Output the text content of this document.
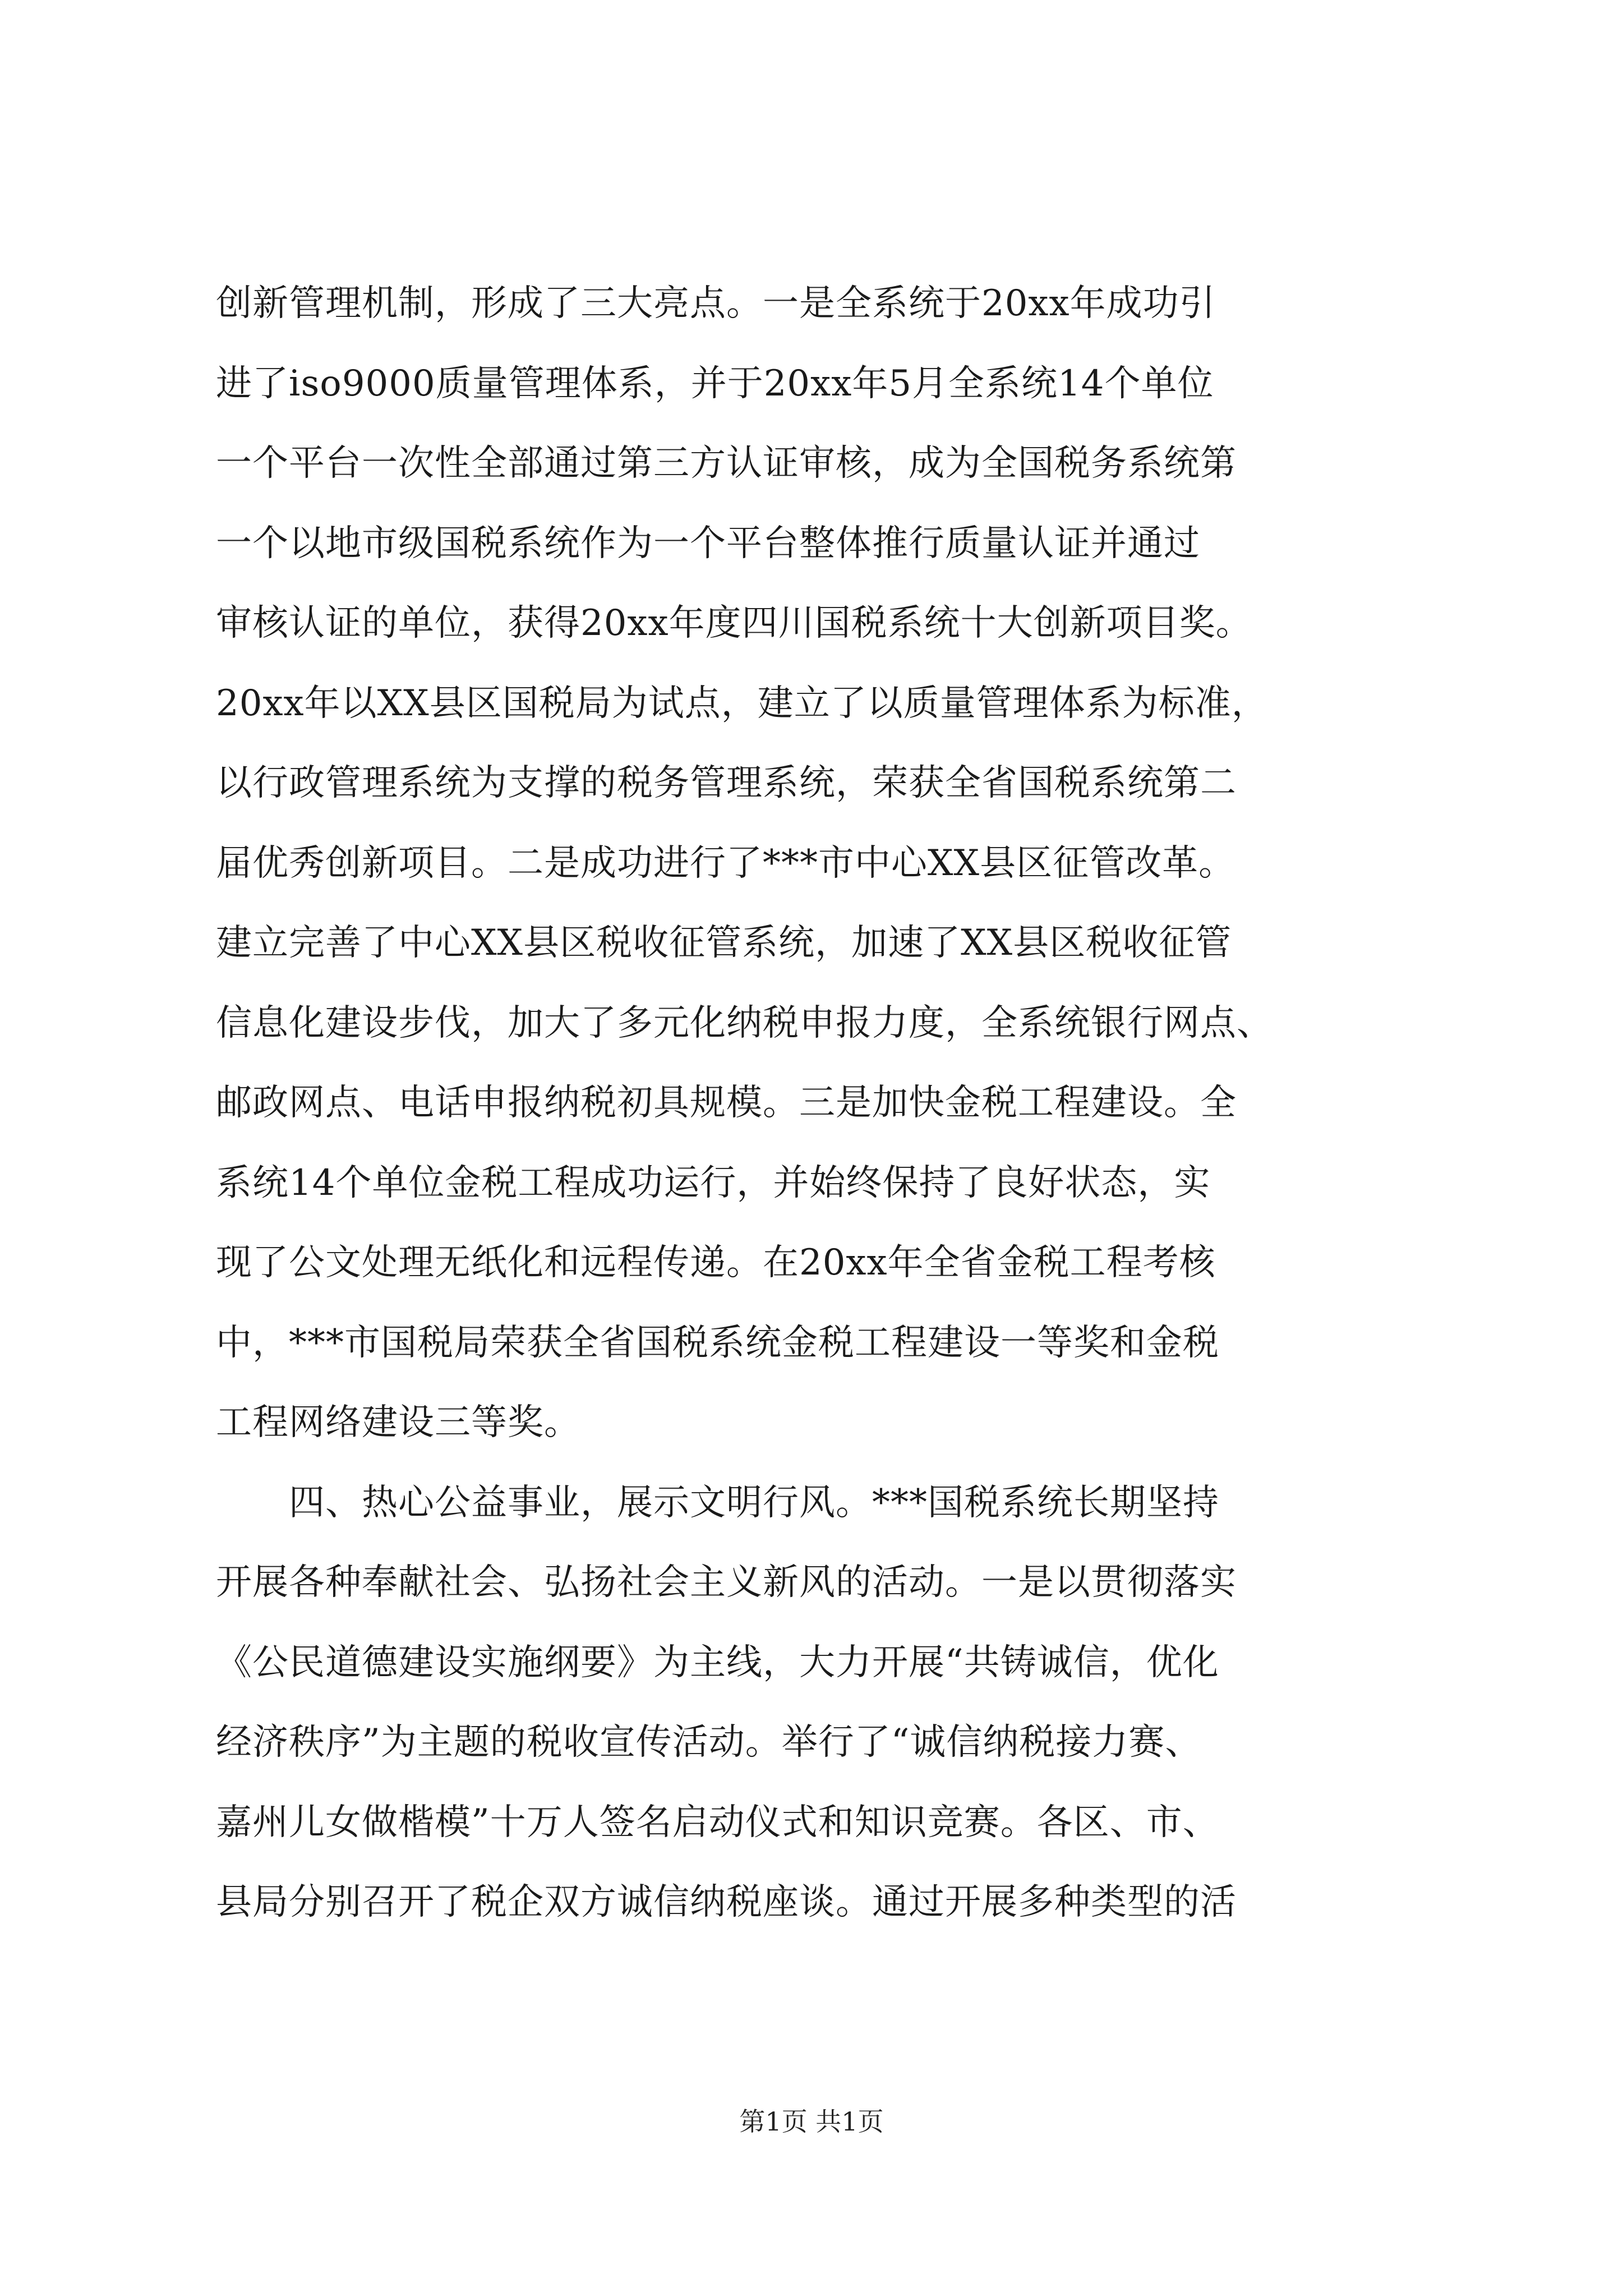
创新管理机制，形成了三大亮点。一是全系统于20xx年成功引
进了iso9000质量管理体系，并于20xx年5月全系统14个单位
一个平台一次性全部通过第三方认证审核，成为全国税务系统第
一个以地市级国税系统作为一个平台整体推行质量认证并通过
审核认证的单位，获得20xx年度四川国税系统十大创新项目奖。
20xx年以XX县区国税局为试点，建立了以质量管理体系为标准，
以行政管理系统为支撑的税务管理系统，荣获全省国税系统第二
届优秀创新项目。二是成功进行了***市中心XX县区征管改革。
建立完善了中心XX县区税收征管系统，加速了XX县区税收征管
信息化建设步伐，加大了多元化纳税申报力度，全系统银行网点、
邮政网点、电话申报纳税初具规模。三是加快金税工程建设。全
系统14个单位金税工程成功运行，并始终保持了良好状态，实
现了公文处理无纸化和远程传递。在20xx年全省金税工程考核
中，***市国税局荣获全省国税系统金税工程建设一等奖和金税
工程网络建设三等奖。
　　四、热心公益事业，展示文明行风。***国税系统长期坚持
开展各种奉献社会、弘扬社会主义新风的活动。一是以贯彻落实
《公民道德建设实施纲要》为主线，大力开展“共铸诚信，优化
经济秩序”为主题的税收宣传活动。举行了“诚信纳税接力赛、
嘉州儿女做楷模”十万人签名启动仪式和知识竞赛。各区、市、
县局分别召开了税企双方诚信纳税座谈。通过开展多种类型的活
第1页 共1页
